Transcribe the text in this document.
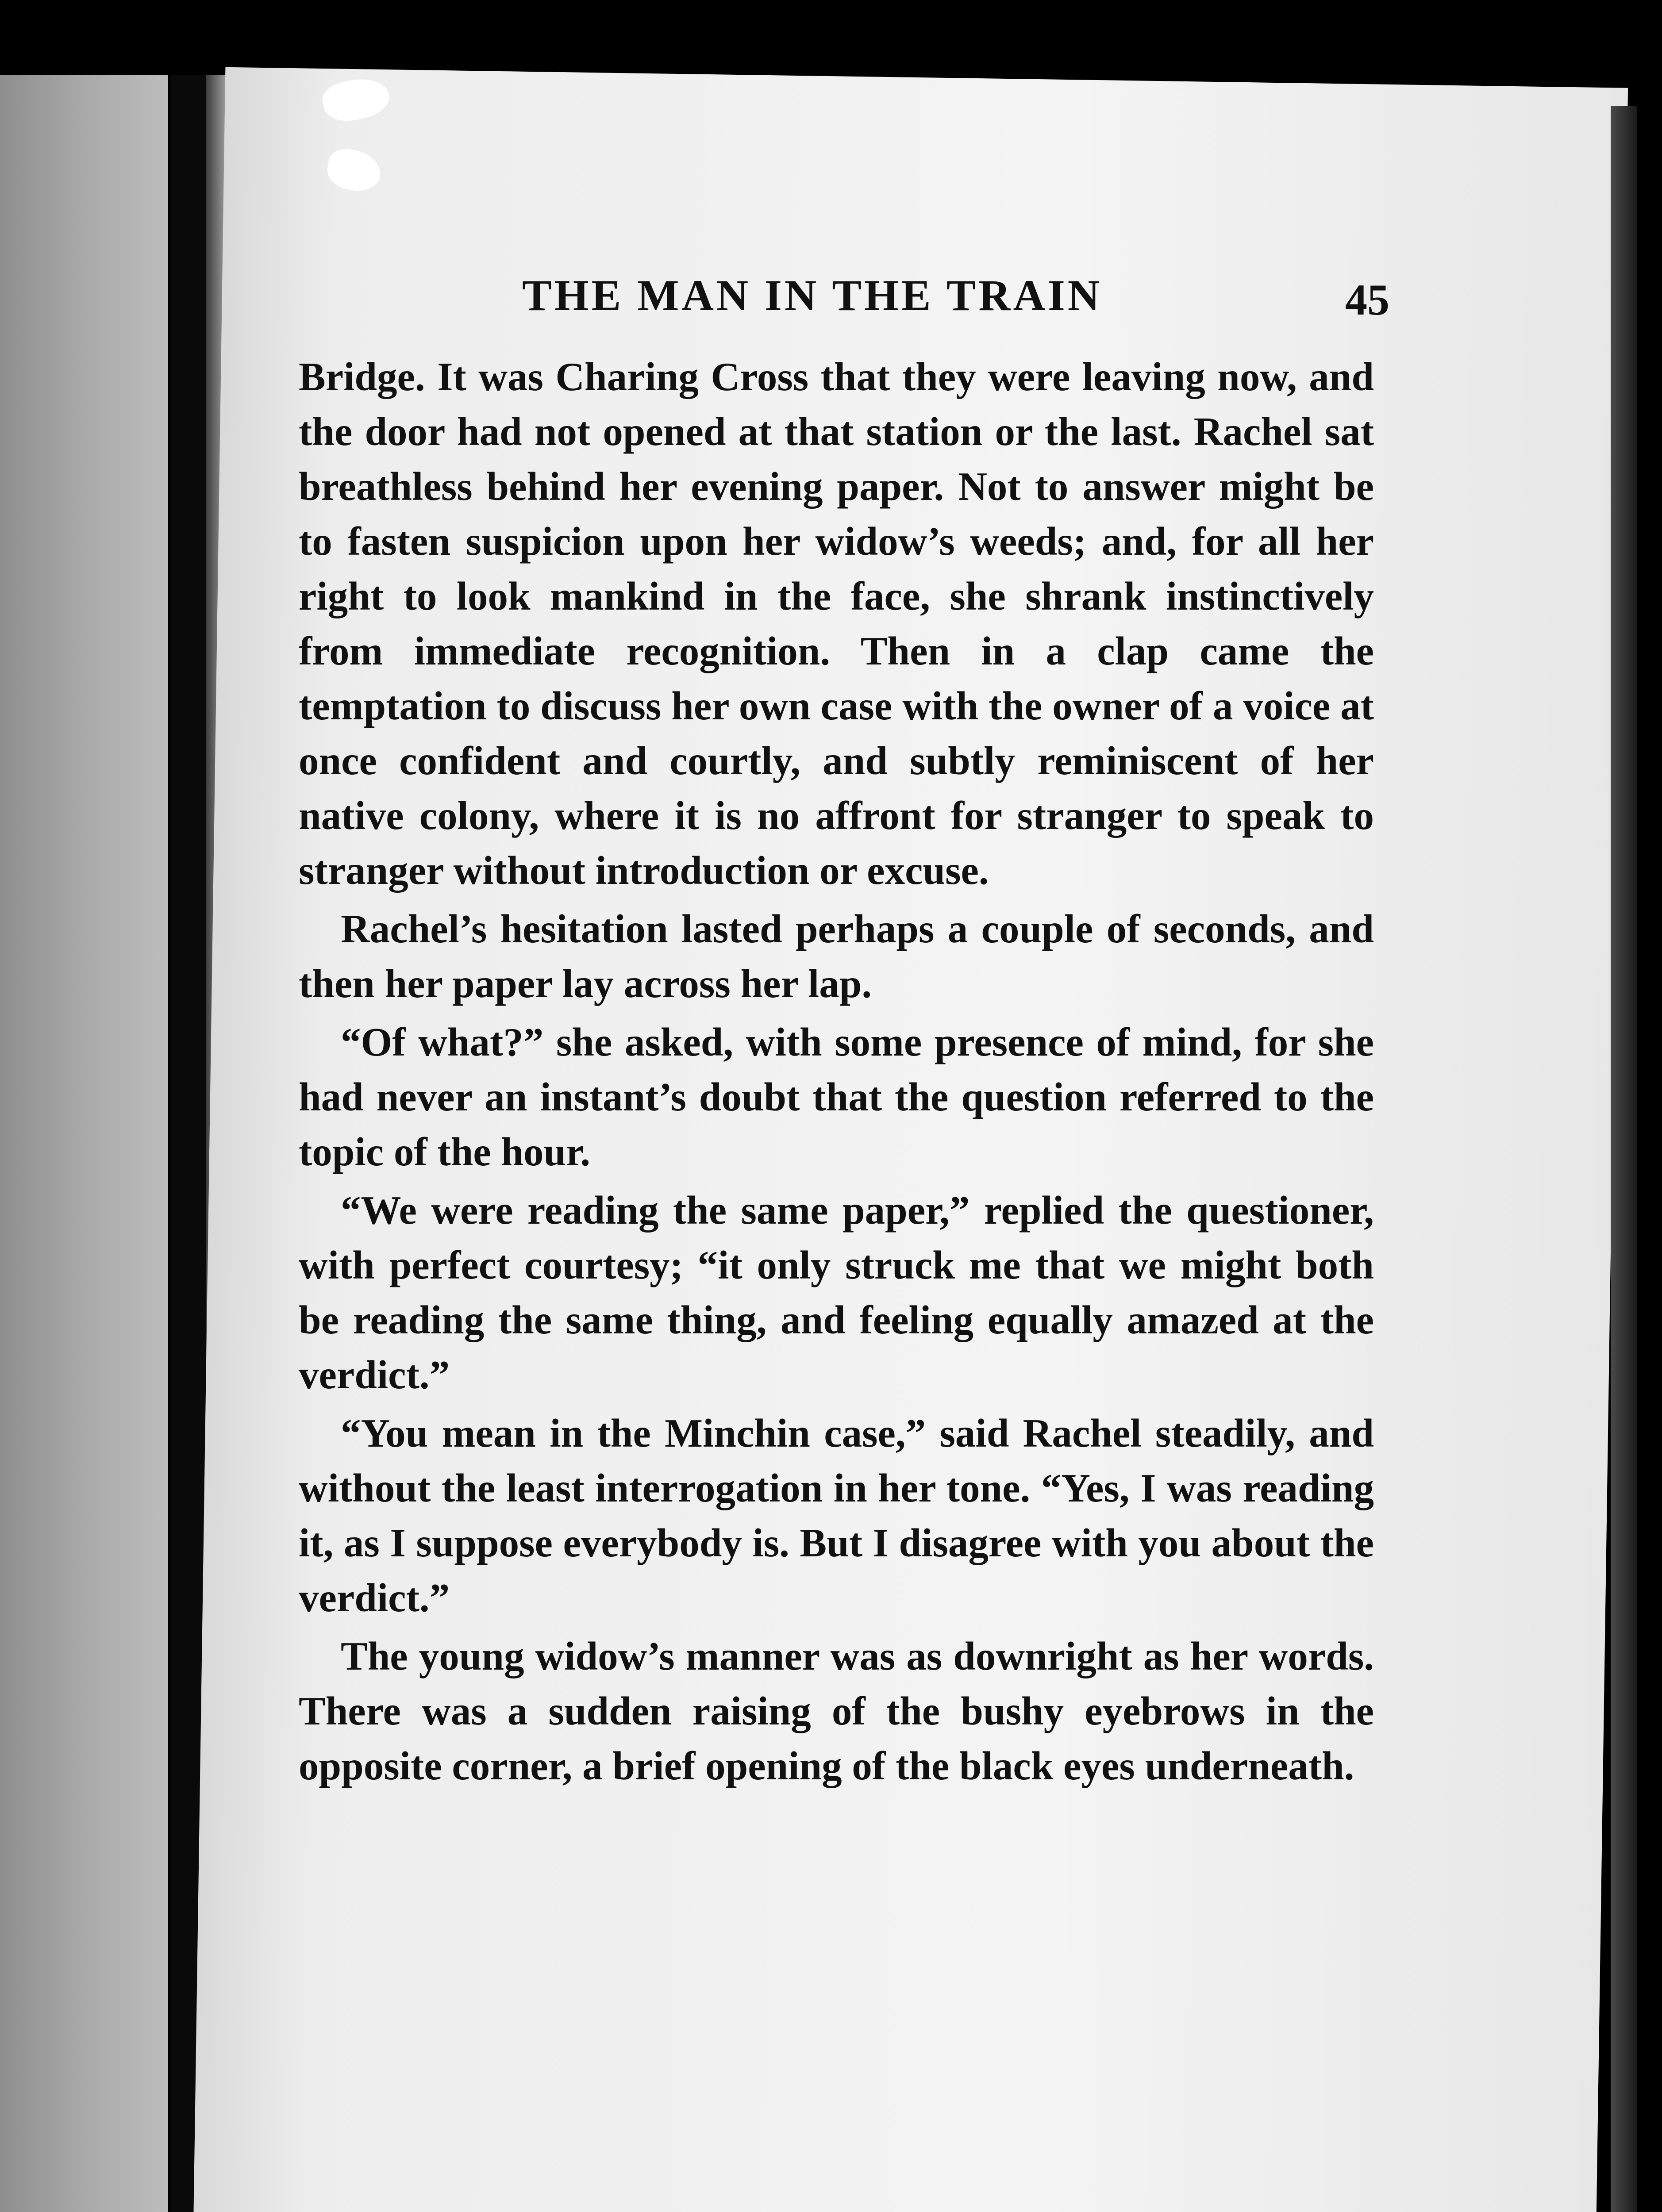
THE MAN IN THE TRAIN	45

Bridge. It was Charing Cross that they were leaving now, and the door had not opened at that station or the last. Rachel sat breathless behind her evening paper. Not to answer might be to fasten suspicion upon her widow’s weeds; and, for all her right to look mankind in the face, she shrank instinctively from immediate recognition. Then in a clap came the temptation to discuss her own case with the owner of a voice at once confident and courtly, and subtly reminiscent of her native colony, where it is no affront for stranger to speak to stranger without introduction or excuse.

Rachel’s hesitation lasted perhaps a couple of seconds, and then her paper lay across her lap.

“Of what?” she asked, with some presence of mind, for she had never an instant’s doubt that the question referred to the topic of the hour.

“We were reading the same paper,” replied the questioner, with perfect courtesy; “it only struck me that we might both be reading the same thing, and feeling equally amazed at the verdict.”

“You mean in the Minchin case,” said Rachel steadily, and without the least interrogation in her tone. “Yes, I was reading it, as I suppose everybody is. But I disagree with you about the verdict.”

The young widow’s manner was as downright as her words. There was a sudden raising of the bushy eyebrows in the opposite corner, a brief opening of the black eyes underneath.
